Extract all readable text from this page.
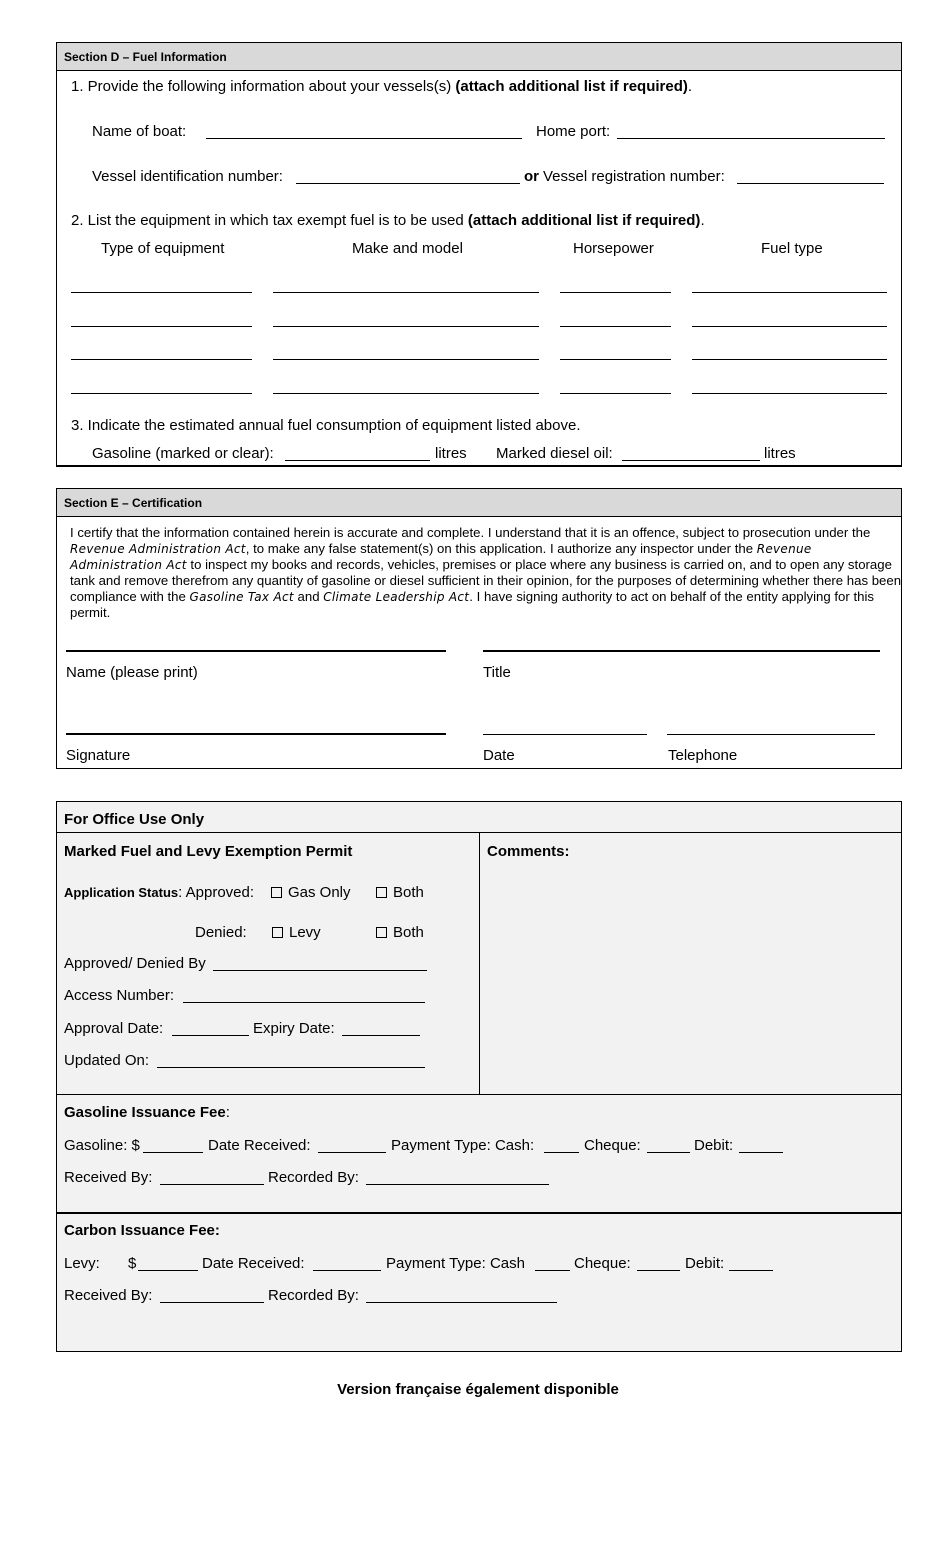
Section D – Fuel Information
1. Provide the following information about your vessels(s) (attach additional list if required).
Name of boat:	Home port:
Vessel identification number:	or Vessel registration number:
2. List the equipment in which tax exempt fuel is to be used (attach additional list if required).
Type of equipment	Make and model	Horsepower	Fuel type
3. Indicate the estimated annual fuel consumption of equipment listed above.
Gasoline (marked or clear):	litres Marked diesel oil:	litres
Section E – Certification
I certify that the information contained herein is accurate and complete. I understand that it is an offence, subject to prosecution under the Revenue Administration Act, to make any false statement(s) on this application. I authorize any inspector under the Revenue Administration Act to inspect my books and records, vehicles, premises or place where any business is carried on, and to open any storage tank and remove therefrom any quantity of gasoline or diesel sufficient in their opinion, for the purposes of determining whether there has been compliance with the Gasoline Tax Act and Climate Leadership Act. I have signing authority to act on behalf of the entity applying for this permit.
Name (please print)	Title
Signature	Date	Telephone
For Office Use Only
Marked Fuel and Levy Exemption Permit
Application Status: Approved:	Gas Only	Both
Denied:	Levy	Both
Approved/ Denied By
Access Number:
Approval Date:	Expiry Date:
Updated On:
Comments:
Gasoline Issuance Fee:
Gasoline: $	Date Received:	Payment Type: Cash:	Cheque:	Debit:
Received By:	Recorded By:
Carbon Issuance Fee:
Levy: $	Date Received:	Payment Type: Cash	Cheque:	Debit:
Received By:	Recorded By:
Version française également disponible
